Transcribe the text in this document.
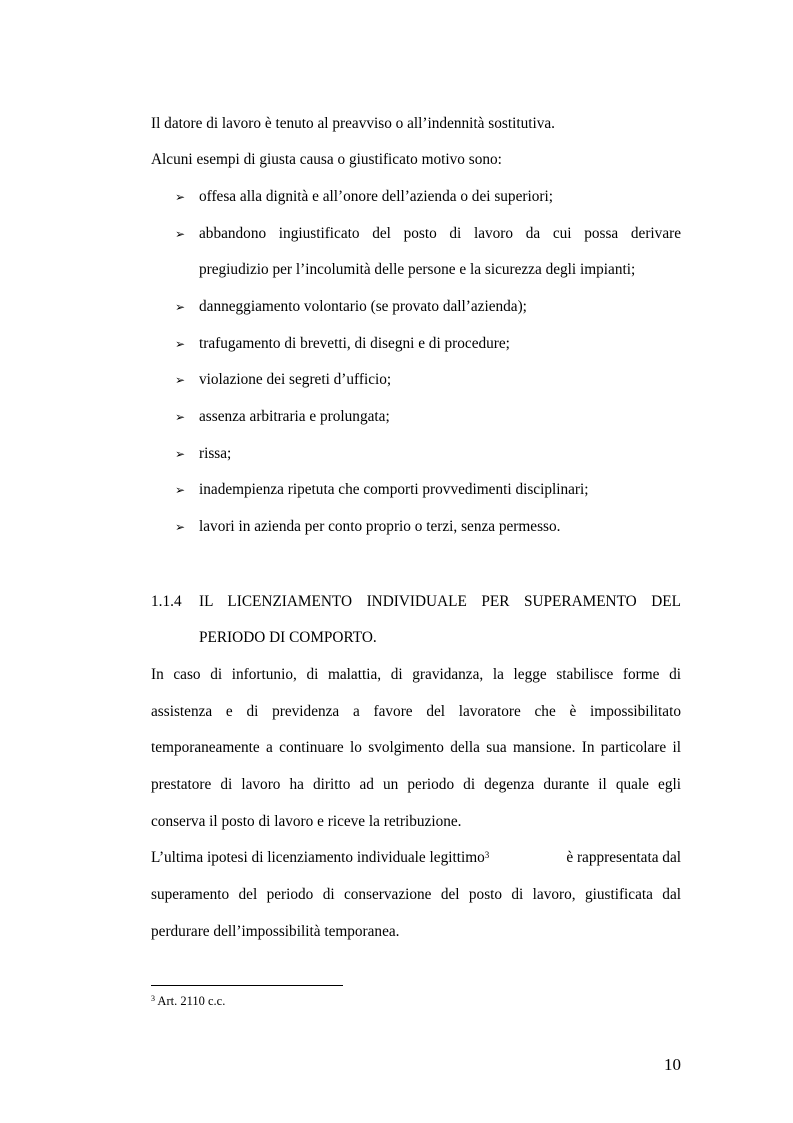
Il datore di lavoro è tenuto al preavviso o all’indennità sostitutiva.
Alcuni esempi di giusta causa o giustificato motivo sono:
➢ offesa alla dignità e all’onore dell’azienda o dei superiori;
➢ abbandono ingiustificato del posto di lavoro da cui possa derivare
pregiudizio per l’incolumità delle persone e la sicurezza degli impianti;
➢ danneggiamento volontario (se provato dall’azienda);
➢ trafugamento di brevetti, di disegni e di procedure;
➢ violazione dei segreti d’ufficio;
➢ assenza arbitraria e prolungata;
➢ rissa;
➢ inadempienza ripetuta che comporti provvedimenti disciplinari;
➢ lavori in azienda per conto proprio o terzi, senza permesso.
1.1.4 IL LICENZIAMENTO INDIVIDUALE PER SUPERAMENTO DEL
PERIODO DI COMPORTO.
In caso di infortunio, di malattia, di gravidanza, la legge stabilisce forme di
assistenza e di previdenza a favore del lavoratore che è impossibilitato
temporaneamente a continuare lo svolgimento della sua mansione. In particolare il
prestatore di lavoro ha diritto ad un periodo di degenza durante il quale egli
conserva il posto di lavoro e riceve la retribuzione.
L’ultima ipotesi di licenziamento individuale legittimo$^3$	è rappresentata dal
superamento del periodo di conservazione del posto di lavoro, giustificata dal
perdurare dell’impossibilità temporanea.
$^3$ Art. 2110 c.c.
10
